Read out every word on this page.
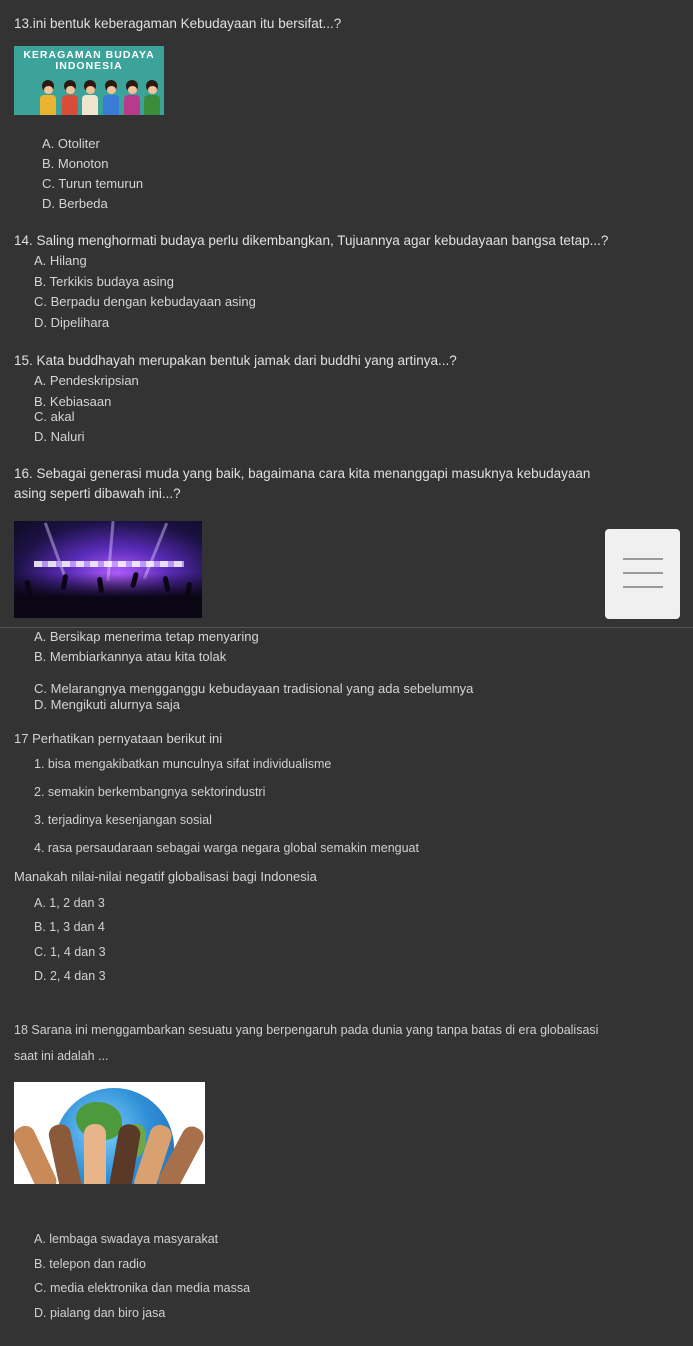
13.ini bentuk keberagaman Kebudayaan itu bersifat...?
KERAGAMAN BUDAYA
INDONESIA
A. Otoliter
B. Monoton
C. Turun temurun
D. Berbeda
14. Saling menghormati budaya perlu dikembangkan, Tujuannya agar kebudayaan bangsa tetap...?
A. Hilang
B. Terkikis budaya asing
C. Berpadu dengan kebudayaan asing
D. Dipelihara
15. Kata buddhayah merupakan bentuk jamak dari buddhi yang artinya...?
A. Pendeskripsian
B. Kebiasaan
C. akal
D. Naluri
16. Sebagai generasi muda yang baik, bagaimana cara kita menanggapi masuknya kebudayaan
asing seperti dibawah ini...?
A. Bersikap menerima tetap menyaring
B. Membiarkannya atau kita tolak
C. Melarangnya mengganggu kebudayaan tradisional yang ada sebelumnya
D. Mengikuti alurnya saja
17 Perhatikan pernyataan berikut ini
1. bisa mengakibatkan munculnya sifat individualisme
2. semakin berkembangnya sektorindustri
3. terjadinya kesenjangan sosial
4. rasa persaudaraan sebagai warga negara global semakin menguat
Manakah nilai-nilai negatif globalisasi bagi Indonesia
A. 1, 2 dan 3
B. 1, 3 dan 4
C. 1, 4 dan 3
D. 2, 4 dan 3
18 Sarana ini menggambarkan sesuatu yang berpengaruh pada dunia yang tanpa batas di era globalisasi
saat ini adalah ...
A. lembaga swadaya masyarakat
B. telepon dan radio
C. media elektronika dan media massa
D. pialang dan biro jasa
